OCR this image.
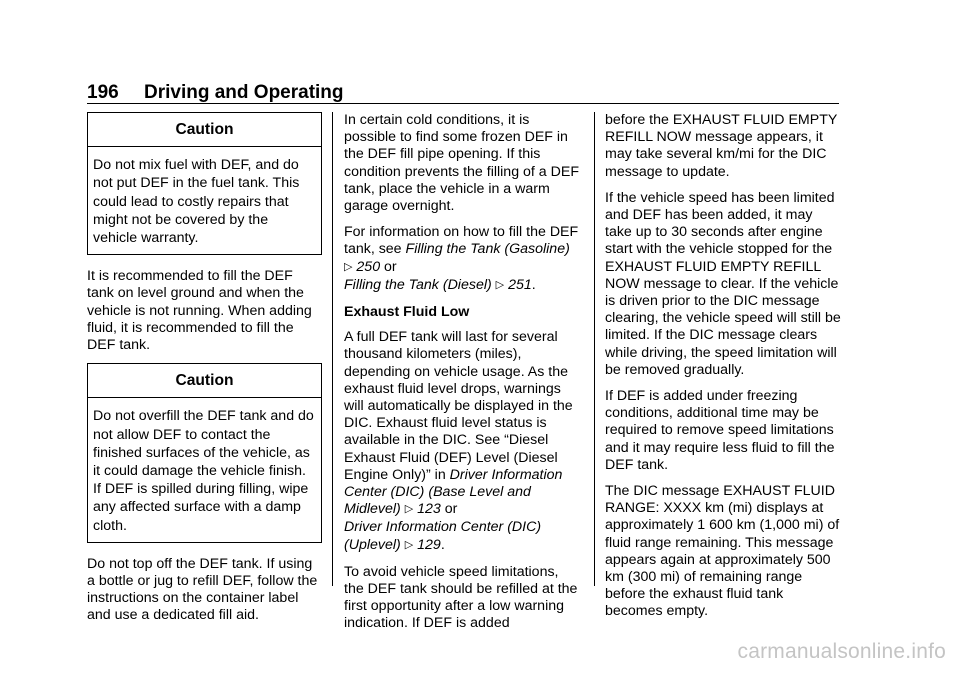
196 Driving and Operating
Caution
Do not mix fuel with DEF, and do not put DEF in the fuel tank. This could lead to costly repairs that might not be covered by the vehicle warranty.

It is recommended to fill the DEF tank on level ground and when the vehicle is not running. When adding fluid, it is recommended to fill the DEF tank.

Caution
Do not overfill the DEF tank and do not allow DEF to contact the finished surfaces of the vehicle, as it could damage the vehicle finish. If DEF is spilled during filling, wipe any affected surface with a damp cloth.

Do not top off the DEF tank. If using a bottle or jug to refill DEF, follow the instructions on the container label and use a dedicated fill aid.

In certain cold conditions, it is possible to find some frozen DEF in the DEF fill pipe opening. If this condition prevents the filling of a DEF tank, place the vehicle in a warm garage overnight.

For information on how to fill the DEF tank, see Filling the Tank (Gasoline) ▷ 250 or
Filling the Tank (Diesel) ▷ 251.

Exhaust Fluid Low

A full DEF tank will last for several thousand kilometers (miles), depending on vehicle usage. As the exhaust fluid level drops, warnings will automatically be displayed in the DIC. Exhaust fluid level status is available in the DIC. See “Diesel Exhaust Fluid (DEF) Level (Diesel Engine Only)” in Driver Information Center (DIC) (Base Level and Midlevel) ▷ 123 or
Driver Information Center (DIC) (Uplevel) ▷ 129.

To avoid vehicle speed limitations, the DEF tank should be refilled at the first opportunity after a low warning indication. If DEF is added

before the EXHAUST FLUID EMPTY REFILL NOW message appears, it may take several km/mi for the DIC message to update.

If the vehicle speed has been limited and DEF has been added, it may take up to 30 seconds after engine start with the vehicle stopped for the EXHAUST FLUID EMPTY REFILL NOW message to clear. If the vehicle is driven prior to the DIC message clearing, the vehicle speed will still be limited. If the DIC message clears while driving, the speed limitation will be removed gradually.

If DEF is added under freezing conditions, additional time may be required to remove speed limitations and it may require less fluid to fill the DEF tank.

The DIC message EXHAUST FLUID RANGE: XXXX km (mi) displays at approximately 1 600 km (1,000 mi) of fluid range remaining. This message appears again at approximately 500 km (300 mi) of remaining range before the exhaust fluid tank becomes empty.

carmanualsonline.info
